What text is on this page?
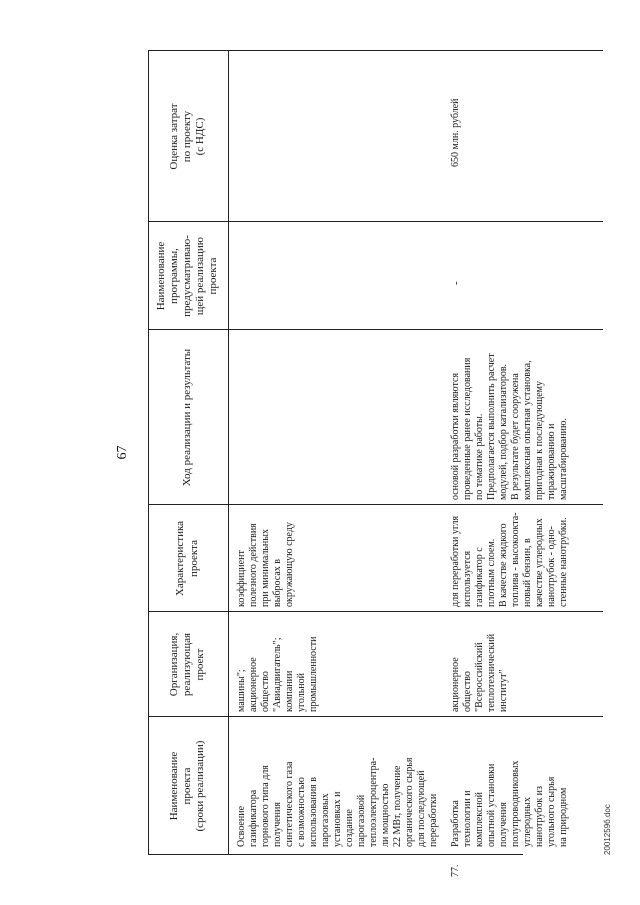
67
Наименование
проекта
(сроки реализации)
Организация,
реализующая
проект
Характеристика
проекта
Ход реализации и результаты
Наименование
программы,
предусматриваю-
щей реализацию
проекта
Оценка затрат
по проекту
(с НДС)
Освоение
газификатора
горнового типа для
получения
синтетического газа
с возможностью
использования в
парогазовых
установках и
создание
парогазовой
теплоэлектроцентра-
ли мощностью
22 МВт, получение
органического сырья
для последующей
переработки
машины";
акционерное
общество
"Авиадвигатель";
компании
угольной
промышленности
коэффициент
полезного действия
при минимальных
выбросах в
окружающую среду
77.
Разработка
технологии и
комплексной
опытной установки
получения
полупроводниковых
углеродных
нанотрубок из
угольного сырья
на природном
акционерное
общество
"Всероссийский
теплотехнический
институт"
для переработки угля
используется
газификатор с
плотным слоем.
В качестве жидкого
топлива - высокоокта-
новый бензин, в
качестве углеродных
нанотрубок - одно-
стенные нанотрубки.
основой разработки являются
проведенные ранее исследования
по тематике работы.
Предполагается выполнить расчет
модулей, подбор катализаторов.
В результате будет сооружена
комплексная опытная установка,
пригодная к последующему
тиражированию и
масштабированию.
-
650 млн. рублей
2001259б.doc
